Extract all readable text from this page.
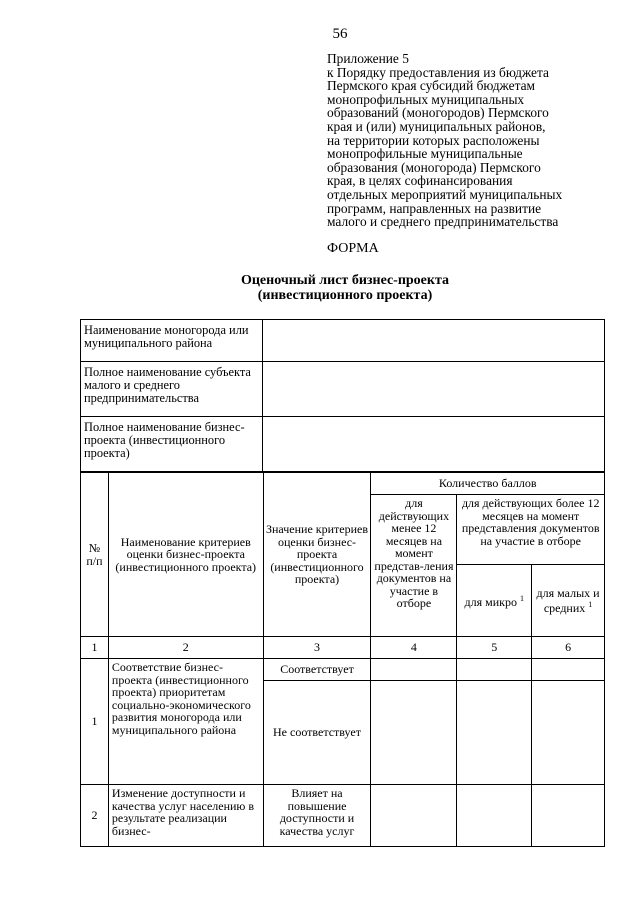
56
Приложение 5
к Порядку предоставления из бюджета
Пермского края субсидий бюджетам
монопрофильных муниципальных
образований (моногородов) Пермского
края и (или) муниципальных районов,
на территории которых расположены
монопрофильные муниципальные
образования (моногорода) Пермского
края, в целях софинансирования
отдельных мероприятий муниципальных
программ, направленных на развитие
малого и среднего предпринимательства
ФОРМА
Оценочный лист бизнес-проекта
(инвестиционного проекта)
Наименование моногорода или муниципального района	
Полное наименование субъекта малого и среднего предпринимательства	
Полное наименование бизнес-проекта (инвестиционного проекта)	
№ п/п	Наименование критериев оценки бизнес-проекта (инвестиционного проекта)	Значение критериев оценки бизнес-проекта (инвестиционного проекта)	Количество баллов		
			для действующих менее 12 месяцев на момент представ-ления документов на участие в отборе	для действующих более 12 месяцев на момент представления документов на участие в отборе	
				для микро $^1$	для малых и средних $^1$
1	2	3	4	5	6
1	Соответствие бизнес-проекта (инвестиционного проекта) приоритетам социально-экономического развития моногорода или муниципального района	Соответствует			
		Не соответствует			
2	Изменение доступности и качества услуг населению в результате реализации бизнес-	Влияет на повышение доступности и качества услуг			
